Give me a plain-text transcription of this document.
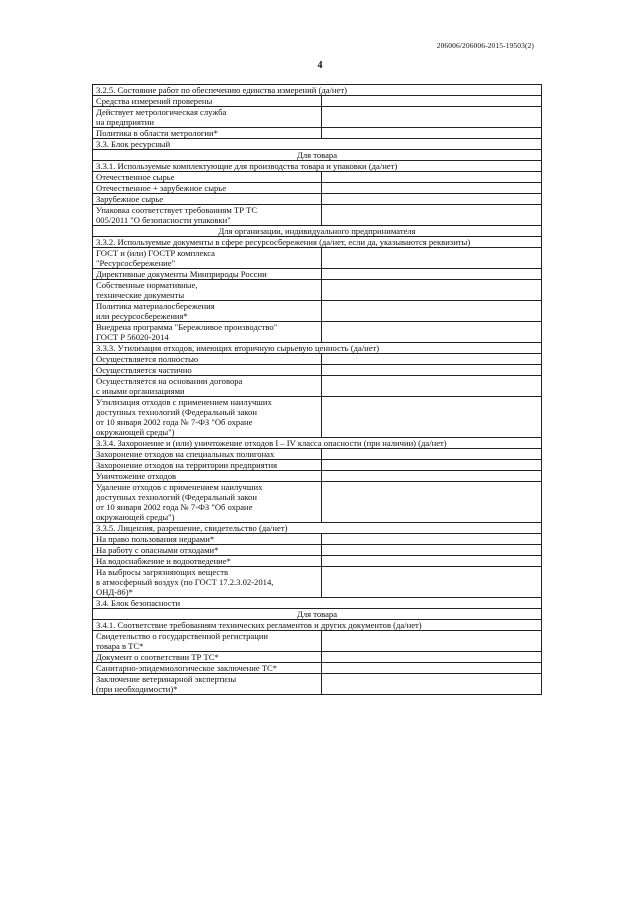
206006/206006-2015-19503(2)
4
3.2.5. Состояние работ по обеспечению единства измерений (да/нет)	
Средства измерений проверены	
Действует метрологическая служба
на предприятии	
Политика в области метрологии*	
3.3. Блок ресурсный	
Для товара	
3.3.1. Используемые комплектующие для производства товара и упаковки (да/нет)	
Отечественное сырье	
Отечественное + зарубежное сырье	
Зарубежное сырье	
Упаковка соответствует требованиям ТР ТС
005/2011 "О безопасности упаковки"	
Для организации, индивидуального предпринимателя	
3.3.2. Используемые документы в сфере ресурсосбережения (да/нет, если да, указываются реквизиты)	
ГОСТ и (или) ГОСТР комплекса
"Ресурсосбережение"	
Директивные документы Минприроды России	
Собственные нормативные,
технические документы	
Политика материалосбережения
или ресурсосбережения*	
Внедрена программа "Бережливое производство"
ГОСТ Р 56020-2014	
3.3.3. Утилизация отходов, имеющих вторичную сырьевую ценность (да/нет)	
Осуществляется полностью	
Осуществляется частично	
Осуществляется на основании договора
с иными организациями	
Утилизация отходов с применением наилучших
доступных технологий (Федеральный закон
от 10 января 2002 года № 7-ФЗ "Об охране
окружающей среды")	
3.3.4. Захоронение и (или) уничтожение отходов I – IV класса опасности (при наличии) (да/нет)	
Захоронение отходов на специальных полигонах	
Захоронение отходов на территории предприятия	
Уничтожение отходов	
Удаление отходов с применением наилучших
доступных технологий (Федеральный закон
от 10 января 2002 года № 7-ФЗ "Об охране
окружающей среды")	
3.3.5. Лицензия, разрешение, свидетельство (да/нет)	
На право пользования недрами*	
На работу с опасными отходами*	
На водоснабжение и водоотведение*	
На выбросы загрязняющих веществ
в атмосферный воздух (по ГОСТ 17.2.3.02-2014,
ОНД-86)*	
3.4. Блок безопасности	
Для товара	
3.4.1. Соответствие требованиям технических регламентов и других документов (да/нет)	
Свидетельство о государственной регистрации
товара в ТС*	
Документ о соответствии ТР ТС*	
Санитарно-эпидемиологическое заключение ТС*	
Заключение ветеринарной экспертизы
(при необходимости)*	
